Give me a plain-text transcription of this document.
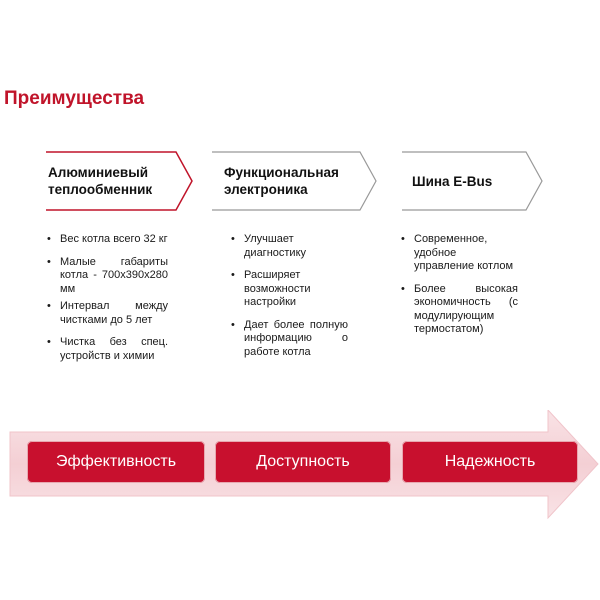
Преимущества
Алюминиевый
теплообменник
Функциональная
электроника
Шина E-Bus
• Вес котла всего 32 кг
• Малые габариты котла - 700x390x280 мм
• Интервал между чистками до 5 лет
• Чистка без спец. устройств и химии
• Улучшает диагностику
• Расширяет возможности настройки
• Дает более полную информацию о работе котла
• Современное, удобное управление котлом
• Более высокая экономичность (с модулирующим термостатом)
Эффективность	Доступность	Надежность
